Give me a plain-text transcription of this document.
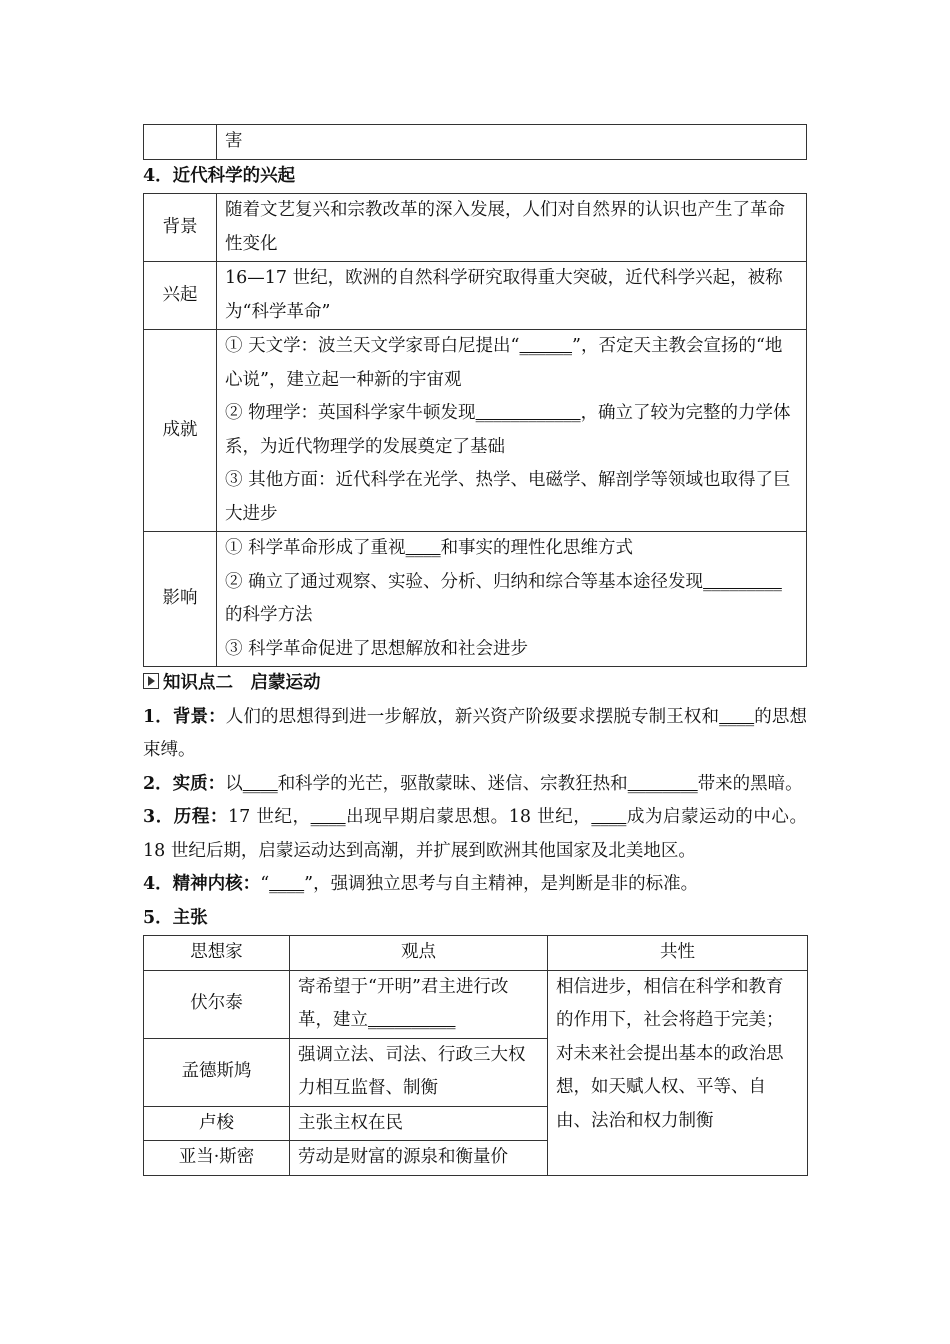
	害
4．近代科学的兴起
背景	随着文艺复兴和宗教改革的深入发展，人们对自然界的认识也产生了革命性变化
兴起	16—17 世纪，欧洲的自然科学研究取得重大突破，近代科学兴起，被称为“科学革命”
成就	① 天文学：波兰天文学家哥白尼提出“______”，否定天主教会宣扬的“地心说”，建立起一种新的宇宙观
② 物理学：英国科学家牛顿发现____________，确立了较为完整的力学体系，为近代物理学的发展奠定了基础
③ 其他方面：近代科学在光学、热学、电磁学、解剖学等领域也取得了巨大进步

影响	① 科学革命形成了重视____和事实的理性化思维方式
② 确立了通过观察、实验、分析、归纳和综合等基本途径发现_________的科学方法
③ 科学革命促进了思想解放和社会进步
知识点二　启蒙运动
1．背景：人们的思想得到进一步解放，新兴资产阶级要求摆脱专制王权和____的思想束缚。
2．实质：以____和科学的光芒，驱散蒙昧、迷信、宗教狂热和________带来的黑暗。
3．历程：17 世纪，____出现早期启蒙思想。18 世纪，____成为启蒙运动的中心。18 世纪后期，启蒙运动达到高潮，并扩展到欧洲其他国家及北美地区。
4．精神内核：“____”，强调独立思考与自主精神，是判断是非的标准。
5．主张
思想家	观点	共性
伏尔泰	寄希望于“开明”君主进行改革，建立__________	相信进步，相信在科学和教育的作用下，社会将趋于完美；对未来社会提出基本的政治思想，如天赋人权、平等、自由、法治和权力制衡
孟德斯鸠	强调立法、司法、行政三大权力相互监督、制衡	
卢梭	主张主权在民	
亚当·斯密	劳动是财富的源泉和衡量价	
